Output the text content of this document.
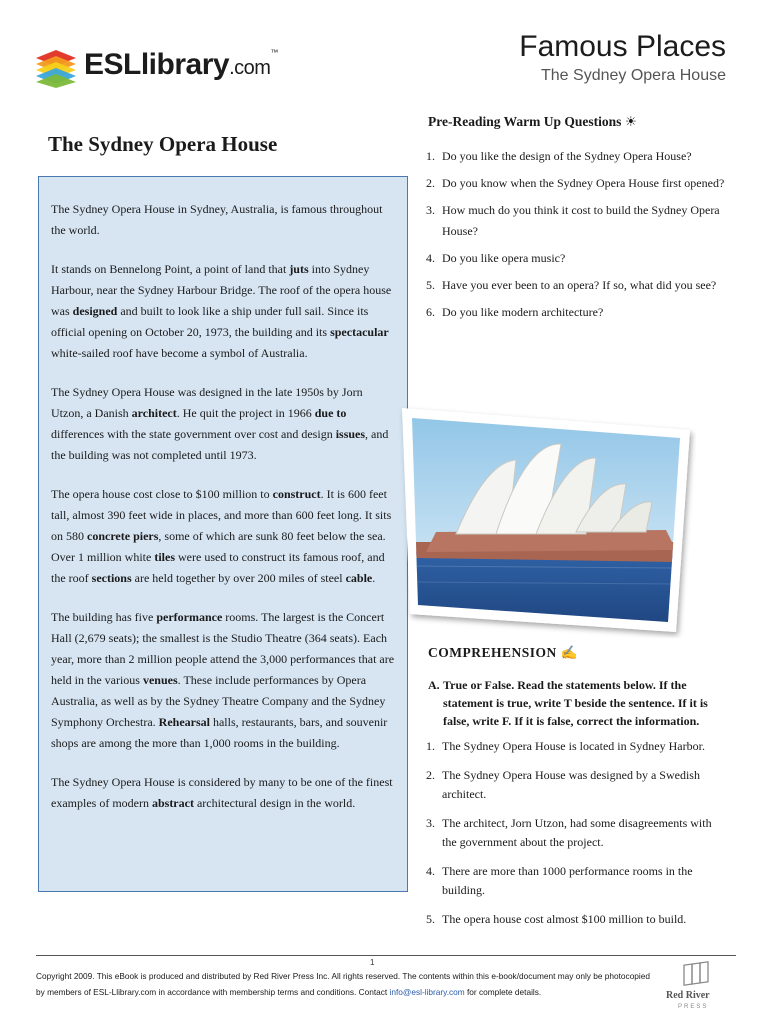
ESLlibrary.com™	Famous Places
The Sydney Opera House
The Sydney Opera House

The Sydney Opera House in Sydney, Australia, is famous throughout the world.

It stands on Bennelong Point, a point of land that juts into Sydney Harbour, near the Sydney Harbour Bridge. The roof of the opera house was designed and built to look like a ship under full sail. Since its official opening on October 20, 1973, the building and its spectacular white-sailed roof have become a symbol of Australia.

The Sydney Opera House was designed in the late 1950s by Jorn Utzon, a Danish architect. He quit the project in 1966 due to differences with the state government over cost and design issues, and the building was not completed until 1973.

The opera house cost close to $100 million to construct. It is 600 feet tall, almost 390 feet wide in places, and more than 600 feet long. It sits on 580 concrete piers, some of which are sunk 80 feet below the sea. Over 1 million white tiles were used to construct its famous roof, and the roof sections are held together by over 200 miles of steel cable.

The building has five performance rooms. The largest is the Concert Hall (2,679 seats); the smallest is the Studio Theatre (364 seats). Each year, more than 2 million people attend the 3,000 performances that are held in the various venues. These include performances by Opera Australia, as well as by the Sydney Theatre Company and the Sydney Symphony Orchestra. Rehearsal halls, restaurants, bars, and souvenir shops are among the more than 1,000 rooms in the building.

The Sydney Opera House is considered by many to be one of the finest examples of modern abstract architectural design in the world.

Pre-Reading Warm Up Questions ☀
1. Do you like the design of the Sydney Opera House?
2. Do you know when the Sydney Opera House first opened?
3. How much do you think it cost to build the Sydney Opera House?
4. Do you like opera music?
5. Have you ever been to an opera? If so, what did you see?
6. Do you like modern architecture?
COMPREHENSION ✍
A. True or False. Read the statements below. If the statement is true, write T beside the sentence. If it is false, write F. If it is false, correct the information.
1. The Sydney Opera House is located in Sydney Harbor.
2. The Sydney Opera House was designed by a Swedish architect.
3. The architect, Jorn Utzon, had some disagreements with the government about the project.
4. There are more than 1000 performance rooms in the building.
5. The opera house cost almost $100 million to build.
1
Copyright 2009. This eBook is produced and distributed by Red River Press Inc. All rights reserved. The contents within this e-book/document may only be photocopied by members of ESL-Llibrary.com in accordance with membership terms and conditions. Contact info@esl-library.com for complete details.	Red River
PRESS
